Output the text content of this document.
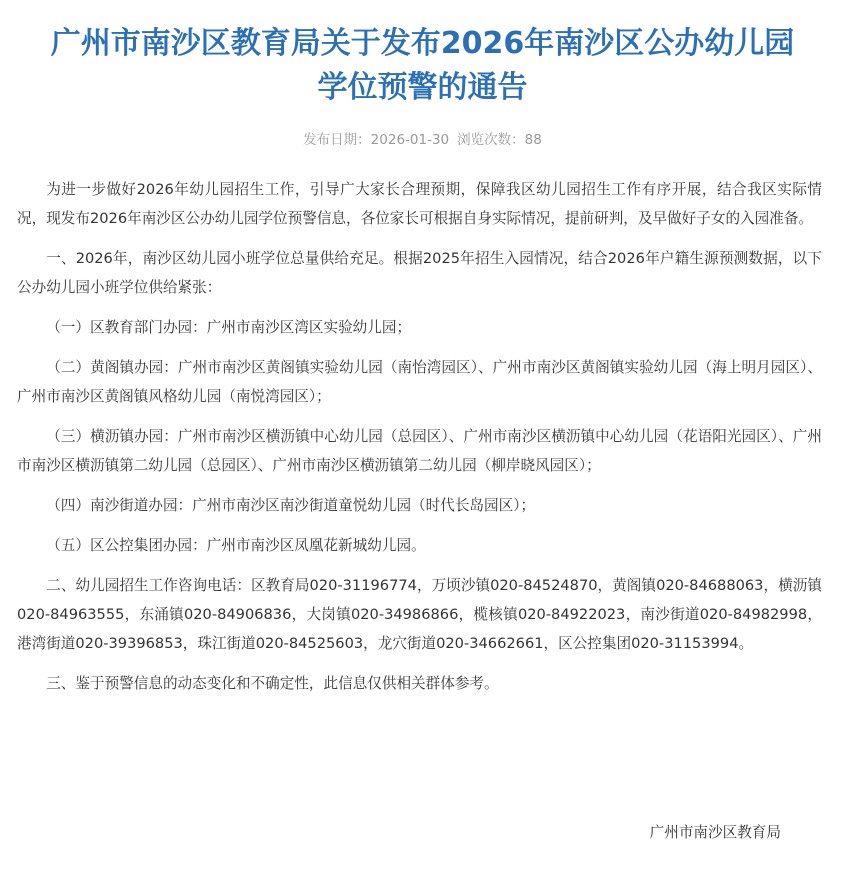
广州市南沙区教育局关于发布2026年南沙区公办幼儿园
学位预警的通告
发布日期：2026-01-30 浏览次数：88

为进一步做好2026年幼儿园招生工作，引导广大家长合理预期，保障我区幼儿园招生工作有序开展，结合我区实际情况，现发布2026年南沙区公办幼儿园学位预警信息，各位家长可根据自身实际情况，提前研判，及早做好子女的入园准备。

一、2026年，南沙区幼儿园小班学位总量供给充足。根据2025年招生入园情况，结合2026年户籍生源预测数据，以下公办幼儿园小班学位供给紧张：

（一）区教育部门办园：广州市南沙区湾区实验幼儿园；

（二）黄阁镇办园：广州市南沙区黄阁镇实验幼儿园（南怡湾园区）、广州市南沙区黄阁镇实验幼儿园（海上明月园区）、广州市南沙区黄阁镇风格幼儿园（南悦湾园区）；

（三）横沥镇办园：广州市南沙区横沥镇中心幼儿园（总园区）、广州市南沙区横沥镇中心幼儿园（花语阳光园区）、广州市南沙区横沥镇第二幼儿园（总园区）、广州市南沙区横沥镇第二幼儿园（柳岸晓风园区）；

（四）南沙街道办园：广州市南沙区南沙街道童悦幼儿园（时代长岛园区）；

（五）区公控集团办园：广州市南沙区凤凰花新城幼儿园。

二、幼儿园招生工作咨询电话：区教育局020-31196774，万顷沙镇020-84524870，黄阁镇020-84688063，横沥镇020-84963555，东涌镇020-84906836，大岗镇020-34986866，榄核镇020-84922023，南沙街道020-84982998，港湾街道020-39396853，珠江街道020-84525603，龙穴街道020-34662661，区公控集团020-31153994。

三、鉴于预警信息的动态变化和不确定性，此信息仅供相关群体参考。

广州市南沙区教育局
